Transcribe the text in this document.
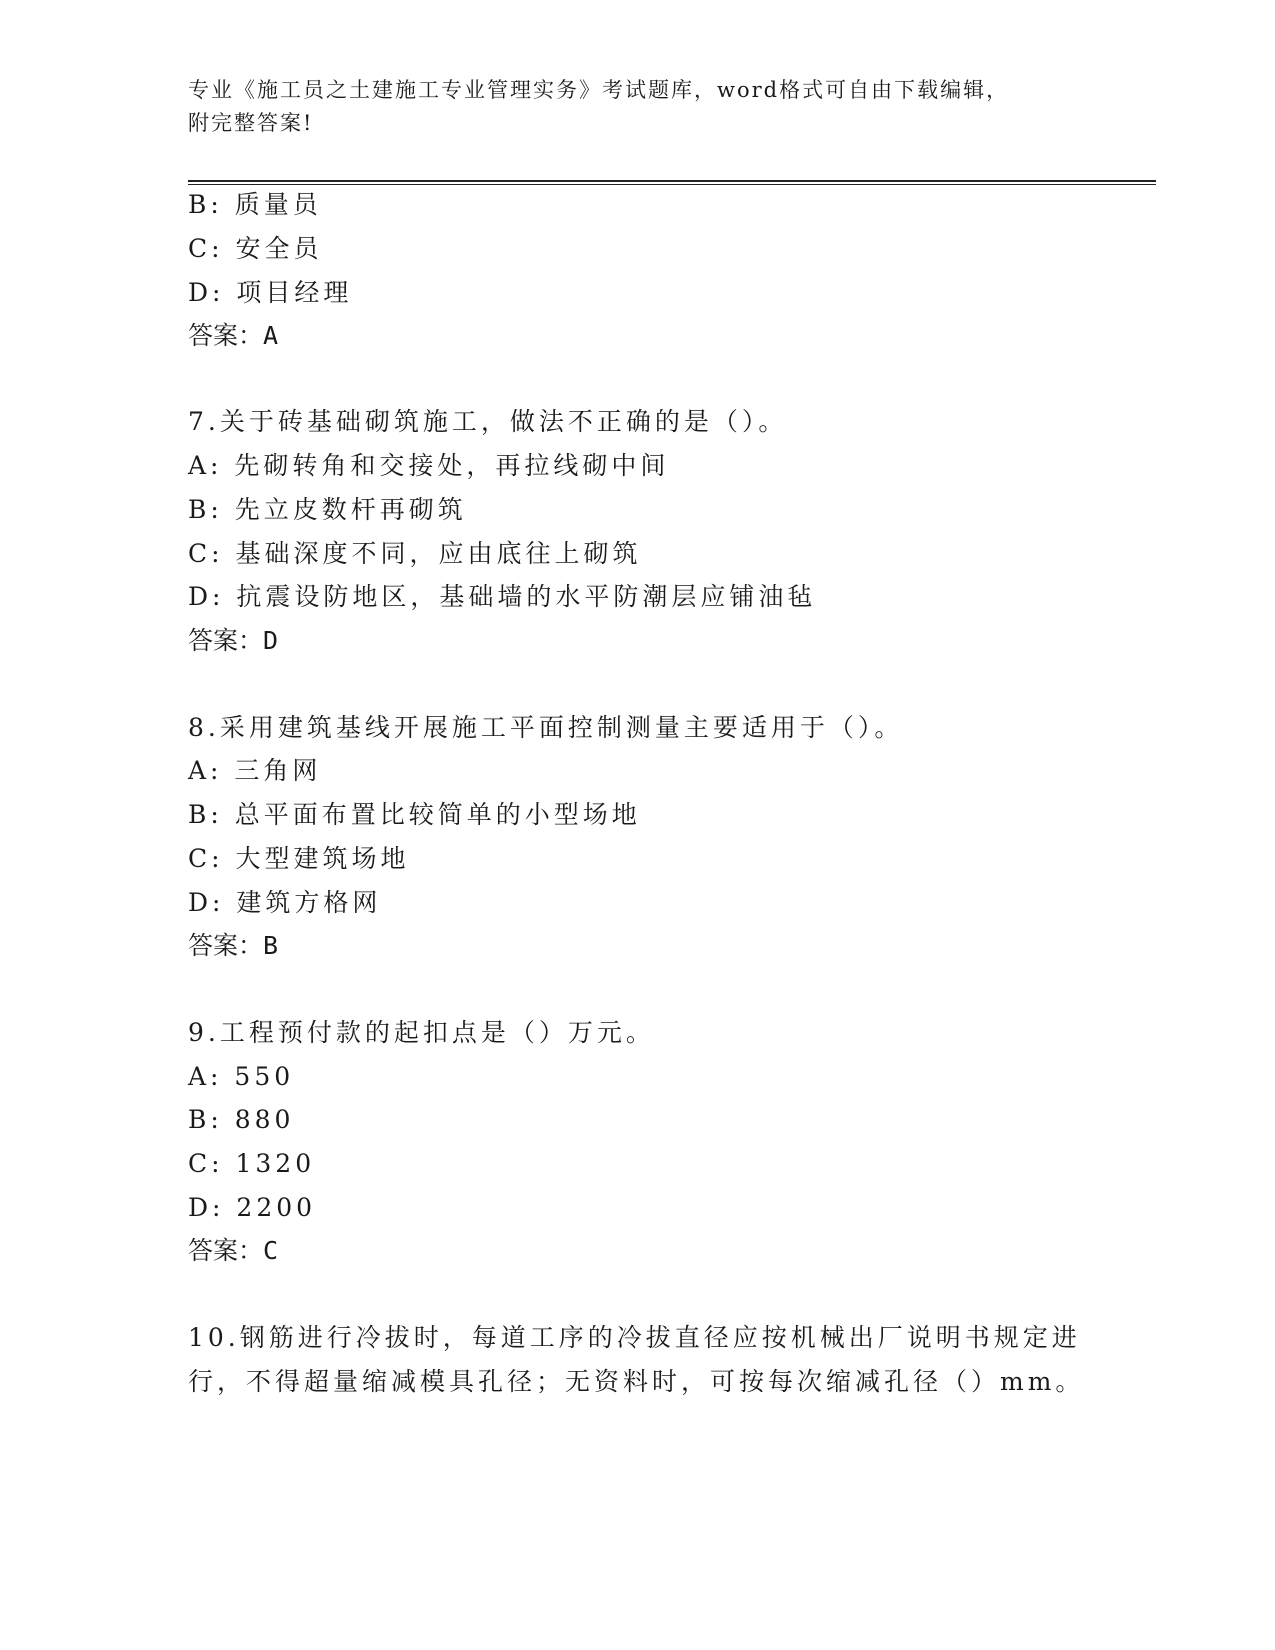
专业《施工员之土建施工专业管理实务》考试题库，word格式可自由下载编辑，
附完整答案!
B: 质量员
C: 安全员
D: 项目经理
答案：A
7.关于砖基础砌筑施工，做法不正确的是（）。
A: 先砌转角和交接处，再拉线砌中间
B: 先立皮数杆再砌筑
C: 基础深度不同，应由底往上砌筑
D: 抗震设防地区，基础墙的水平防潮层应铺油毡
答案：D
8.采用建筑基线开展施工平面控制测量主要适用于（）。
A: 三角网
B: 总平面布置比较简单的小型场地
C: 大型建筑场地
D: 建筑方格网
答案：B
9.工程预付款的起扣点是（）万元。
A: 550
B: 880
C: 1320
D: 2200
答案：C
10.钢筋进行冷拔时，每道工序的冷拔直径应按机械出厂说明书规定进
行，不得超量缩减模具孔径；无资料时，可按每次缩减孔径（）mm。
